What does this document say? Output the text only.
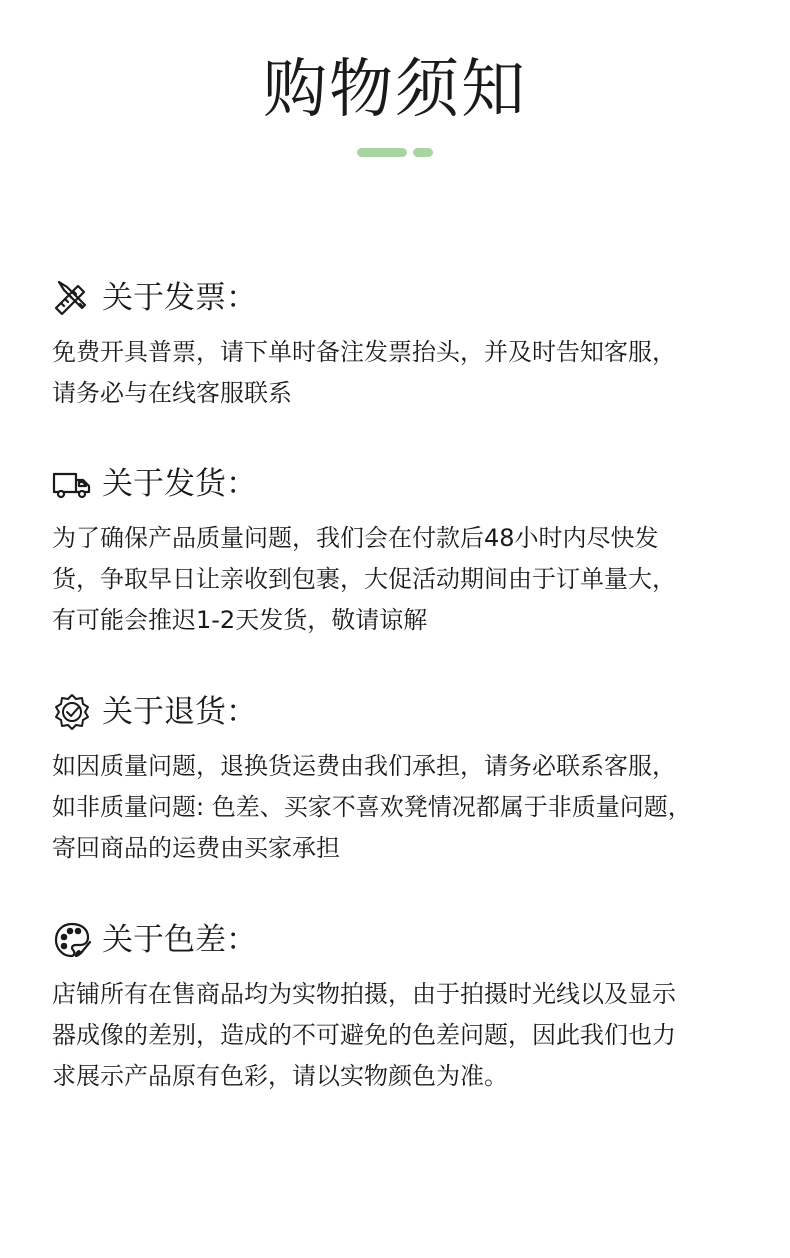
购物须知
关于发票：
免费开具普票，请下单时备注发票抬头，并及时告知客服，
请务必与在线客服联系
关于发货：
为了确保产品质量问题，我们会在付款后48小时内尽快发
货，争取早日让亲收到包裹，大促活动期间由于订单量大，
有可能会推迟1-2天发货，敬请谅解
关于退货：
如因质量问题，退换货运费由我们承担，请务必联系客服，
如非质量问题: 色差、买家不喜欢凳情况都属于非质量问题，
寄回商品的运费由买家承担
关于色差：
店铺所有在售商品均为实物拍摄，由于拍摄时光线以及显示
器成像的差别，造成的不可避免的色差问题，因此我们也力
求展示产品原有色彩，请以实物颜色为准。
